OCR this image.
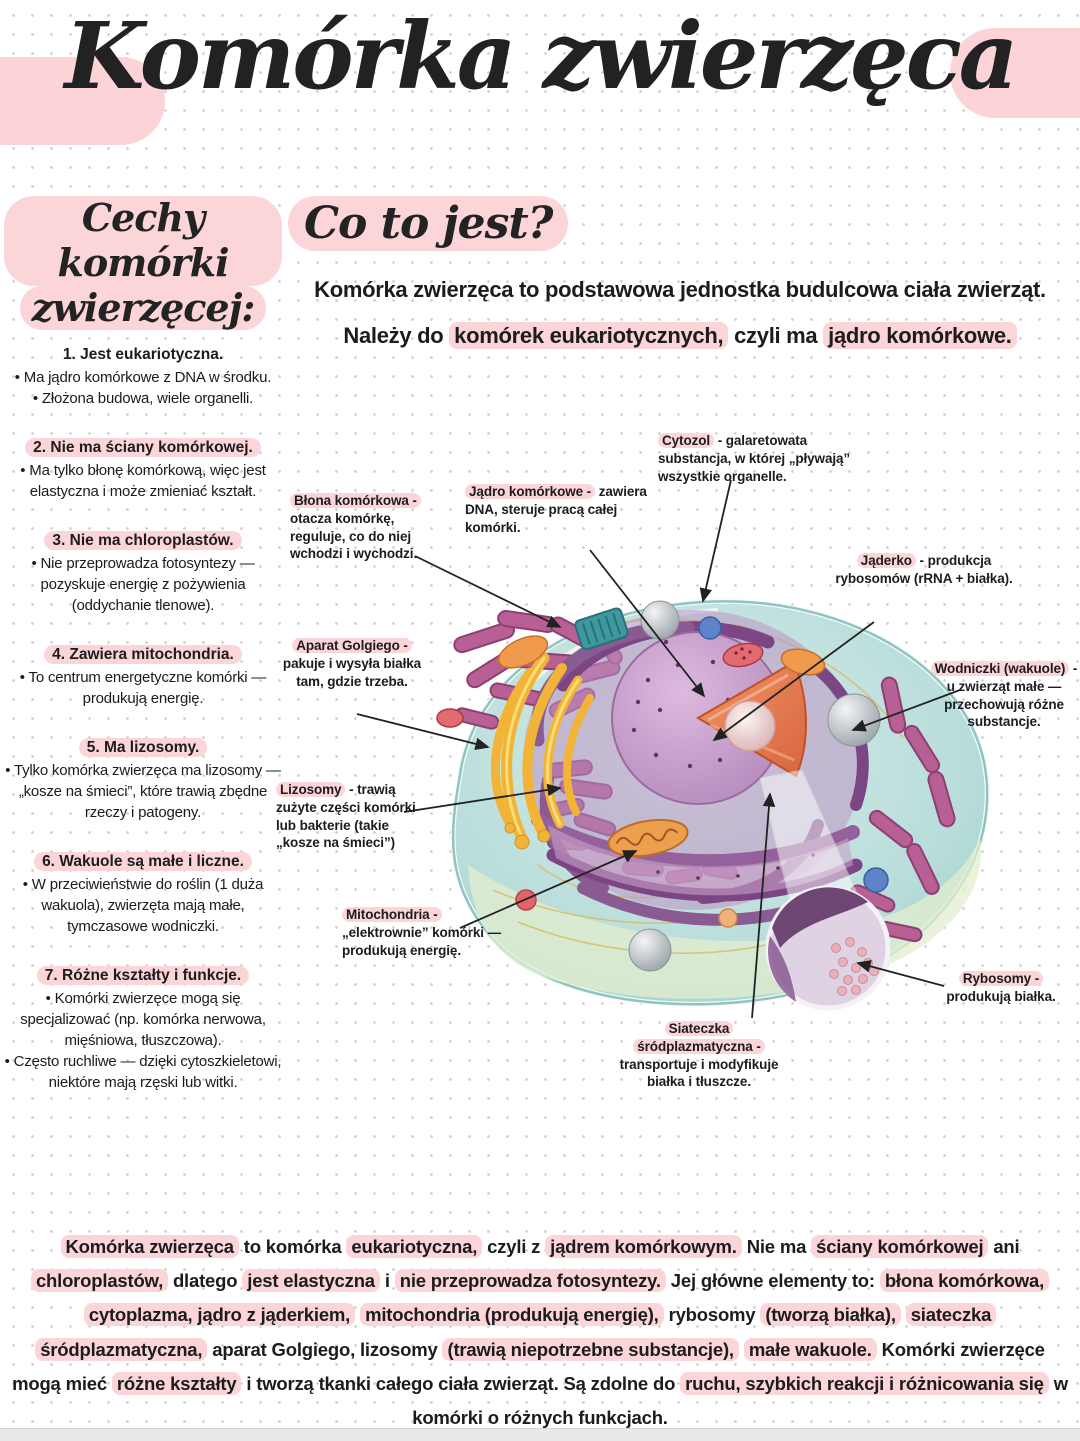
Komórka zwierzęca
Cechy komórki
zwierzęcej:
1. Jest eukariotyczna.
• Ma jądro komórkowe z DNA w środku.
• Złożona budowa, wiele organelli.
2. Nie ma ściany komórkowej.
• Ma tylko błonę komórkową, więc jest elastyczna i może zmieniać kształt.
3. Nie ma chloroplastów.
• Nie przeprowadza fotosyntezy — pozyskuje energię z pożywienia (oddychanie tlenowe).
4. Zawiera mitochondria.
• To centrum energetyczne komórki — produkują energię.
5. Ma lizosomy.
• Tylko komórka zwierzęca ma lizosomy — „kosze na śmieci”, które trawią zbędne rzeczy i patogeny.
6. Wakuole są małe i liczne.
• W przeciwieństwie do roślin (1 duża wakuola), zwierzęta mają małe, tymczasowe wodniczki.
7. Różne kształty i funkcje.
• Komórki zwierzęce mogą się specjalizować (np. komórka nerwowa, mięśniowa, tłuszczowa).
• Często ruchliwe — dzięki cytoszkieletowi, niektóre mają rzęski lub witki.
Co to jest?

Komórka zwierzęca to podstawowa jednostka budulcowa ciała zwierząt.

Należy do komórek eukariotycznych, czyli ma jądro komórkowe.

Błona komórkowa - otacza komórkę, reguluje, co do niej wchodzi i wychodzi.
Jądro komórkowe - zawiera DNA, steruje pracą całej komórki.
Cytozol - galaretowata substancja, w której „pływają” wszystkie organelle.
Jąderko - produkcja rybosomów (rRNA + białka).
Wodniczki (wakuole) - u zwierząt małe — przechowują różne substancje.
Aparat Golgiego - pakuje i wysyła białka tam, gdzie trzeba.
Lizosomy - trawią zużyte części komórki lub bakterie (takie „kosze na śmieci”)
Mitochondria - „elektrownie” komórki — produkują energię.
Siateczka śródplazmatyczna - transportuje i modyfikuje białka i tłuszcze.
Rybosomy - produkują białka.

Komórka zwierzęca to komórka eukariotyczna, czyli z jądrem komórkowym. Nie ma ściany komórkowej ani chloroplastów, dlatego jest elastyczna i nie przeprowadza fotosyntezy. Jej główne elementy to: błona komórkowa, cytoplazma, jądro z jąderkiem, mitochondria (produkują energię), rybosomy (tworzą białka), siateczka śródplazmatyczna, aparat Golgiego, lizosomy (trawią niepotrzebne substancje), małe wakuole. Komórki zwierzęce mogą mieć różne kształty i tworzą tkanki całego ciała zwierząt. Są zdolne do ruchu, szybkich reakcji i różnicowania się w komórki o różnych funkcjach.
